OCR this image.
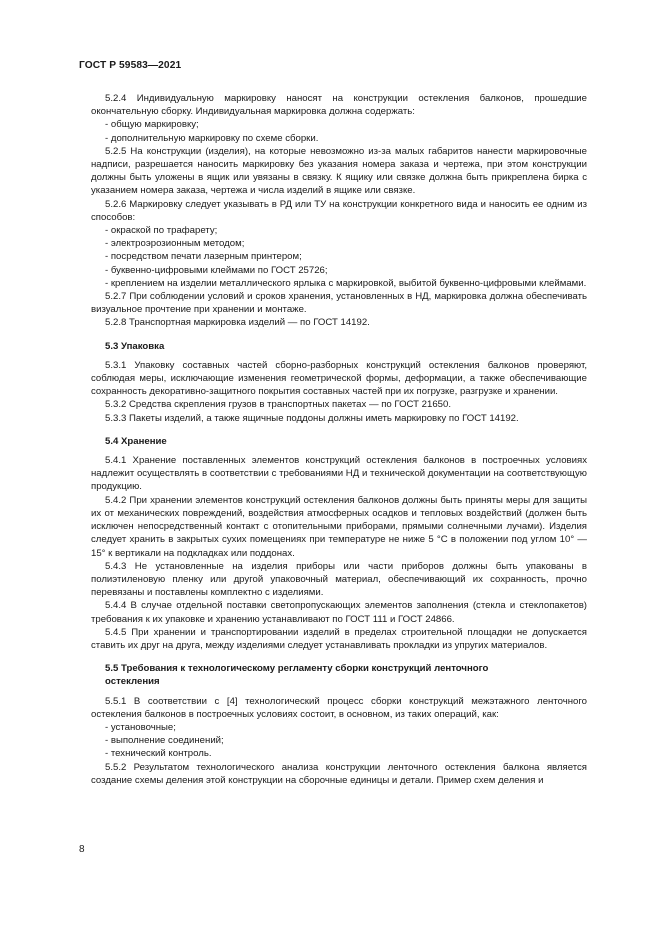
ГОСТ Р 59583—2021
5.2.4 Индивидуальную маркировку наносят на конструкции остекления балконов, прошедшие окончательную сборку. Индивидуальная маркировка должна содержать:
- общую маркировку;
- дополнительную маркировку по схеме сборки.
5.2.5 На конструкции (изделия), на которые невозможно из-за малых габаритов нанести маркировочные надписи, разрешается наносить маркировку без указания номера заказа и чертежа, при этом конструкции должны быть уложены в ящик или увязаны в связку. К ящику или связке должна быть прикреплена бирка с указанием номера заказа, чертежа и числа изделий в ящике или связке.
5.2.6 Маркировку следует указывать в РД или ТУ на конструкции конкретного вида и наносить ее одним из способов:
- окраской по трафарету;
- электроэрозионным методом;
- посредством печати лазерным принтером;
- буквенно-цифровыми клеймами по ГОСТ 25726;
- креплением на изделии металлического ярлыка с маркировкой, выбитой буквенно-цифровыми клеймами.
5.2.7 При соблюдении условий и сроков хранения, установленных в НД, маркировка должна обеспечивать визуальное прочтение при хранении и монтаже.
5.2.8 Транспортная маркировка изделий — по ГОСТ 14192.
5.3 Упаковка
5.3.1 Упаковку составных частей сборно-разборных конструкций остекления балконов проверяют, соблюдая меры, исключающие изменения геометрической формы, деформации, а также обеспечивающие сохранность декоративно-защитного покрытия составных частей при их погрузке, разгрузке и хранении.
5.3.2 Средства скрепления грузов в транспортных пакетах — по ГОСТ 21650.
5.3.3 Пакеты изделий, а также ящичные поддоны должны иметь маркировку по ГОСТ 14192.
5.4 Хранение
5.4.1 Хранение поставленных элементов конструкций остекления балконов в построечных условиях надлежит осуществлять в соответствии с требованиями НД и технической документации на соответствующую продукцию.
5.4.2 При хранении элементов конструкций остекления балконов должны быть приняты меры для защиты их от механических повреждений, воздействия атмосферных осадков и тепловых воздействий (должен быть исключен непосредственный контакт с отопительными приборами, прямыми солнечными лучами). Изделия следует хранить в закрытых сухих помещениях при температуре не ниже 5 °С в положении под углом 10° — 15° к вертикали на подкладках или поддонах.
5.4.3 Не установленные на изделия приборы или части приборов должны быть упакованы в полиэтиленовую пленку или другой упаковочный материал, обеспечивающий их сохранность, прочно перевязаны и поставлены комплектно с изделиями.
5.4.4 В случае отдельной поставки светопропускающих элементов заполнения (стекла и стеклопакетов) требования к их упаковке и хранению устанавливают по ГОСТ 111 и ГОСТ 24866.
5.4.5 При хранении и транспортировании изделий в пределах строительной площадки не допускается ставить их друг на друга, между изделиями следует устанавливать прокладки из упругих материалов.
5.5 Требования к технологическому регламенту сборки конструкций ленточного остекления
5.5.1 В соответствии с [4] технологический процесс сборки конструкций межэтажного ленточного остекления балконов в построечных условиях состоит, в основном, из таких операций, как:
- установочные;
- выполнение соединений;
- технический контроль.
5.5.2 Результатом технологического анализа конструкции ленточного остекления балкона является создание схемы деления этой конструкции на сборочные единицы и детали. Пример схем деления и
8
